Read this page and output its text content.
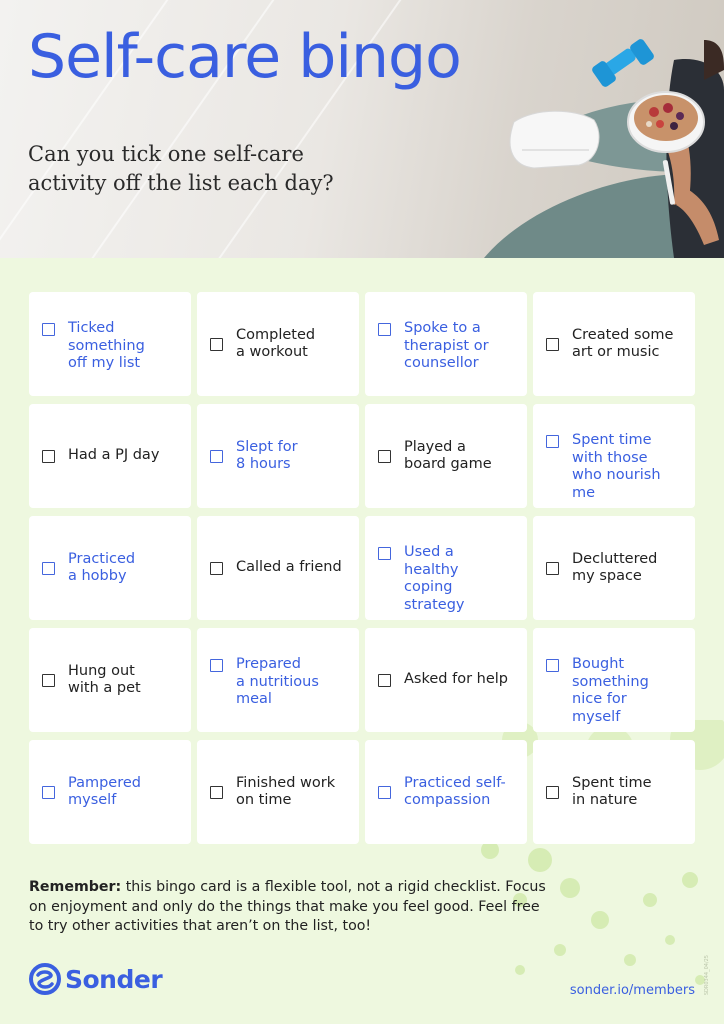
Self-care bingo

Can you tick one self-care activity off the list each day?

Ticked
something
off my list
Completed
a workout
Spoke to a
therapist or
counsellor
Created some
art or music
Had a PJ day
Slept for
8 hours
Played a
board game
Spent time
with those
who nourish
me
Practiced
a hobby
Called a friend
Used a
healthy
coping
strategy
Decluttered
my space
Hung out
with a pet
Prepared
a nutritious
meal
Asked for help
Bought
something
nice for
myself
Pampered
myself
Finished work
on time
Practiced self-
compassion
Spent time
in nature

Remember: this bingo card is a flexible tool, not a rigid checklist. Focus on enjoyment and only do the things that make you feel good. Feel free to try other activities that aren’t on the list, too!

Sonder	sonder.io/members SDR0344_04/25
